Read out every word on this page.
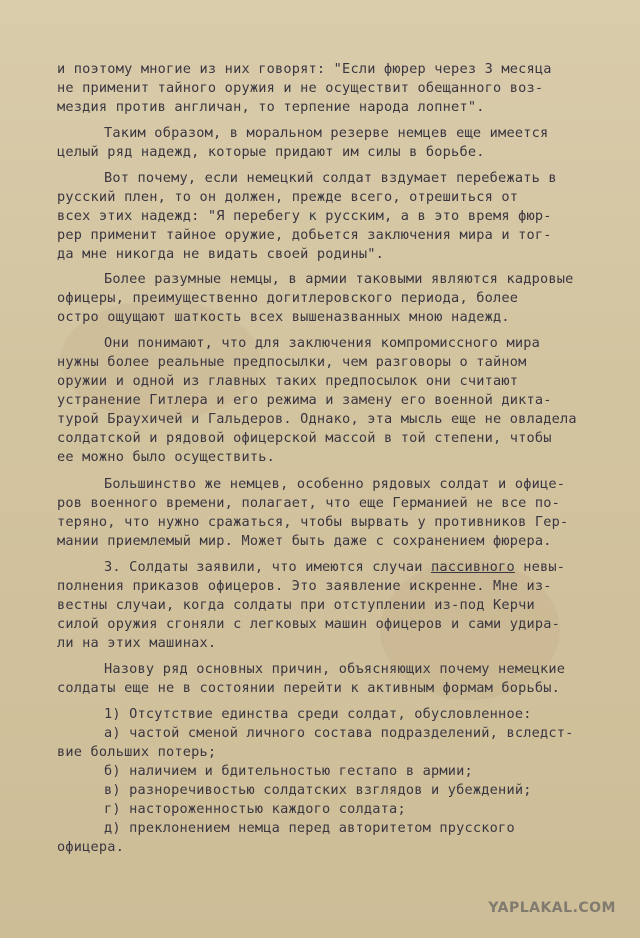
и поэтому многие из них говорят: "Если фюрер через 3 месяца
не применит тайного оружия и не осуществит обещанного воз-
мездия против англичан, то терпение народа лопнет".
Таким образом, в моральном резерве немцев еще имеется
целый ряд надежд, которые придают им силы в борьбе.
Вот почему, если немецкий солдат вздумает перебежать в
русский плен, то он должен, прежде всего, отрешиться от
всех этих надежд: "Я перебегу к русским, а в это время фюр-
рер применит тайное оружие, добьется заключения мира и тог-
да мне никогда не видать своей родины".
Более разумные немцы, в армии таковыми являются кадровые
офицеры, преимущественно догитлеровского периода, более
остро ощущают шаткость всех вышеназванных мною надежд.
Они понимают, что для заключения компромиссного мира
нужны более реальные предпосылки, чем разговоры о тайном
оружии и одной из главных таких предпосылок они считают
устранение Гитлера и его режима и замену его военной дикта-
турой Браухичей и Гальдеров. Однако, эта мысль еще не овладела
солдатской и рядовой офицерской массой в той степени, чтобы
ее можно было осуществить.
Большинство же немцев, особенно рядовых солдат и офице-
ров военного времени, полагает, что еще Германией не все по-
теряно, что нужно сражаться, чтобы вырвать у противников Гер-
мании приемлемый мир. Может быть даже с сохранением фюрера.
3. Солдаты заявили, что имеются случаи пассивного невы-
полнения приказов офицеров. Это заявление искренне. Мне из-
вестны случаи, когда солдаты при отступлении из-под Керчи
силой оружия сгоняли с легковых машин офицеров и сами удира-
ли на этих машинах.
Назову ряд основных причин, объясняющих почему немецкие
солдаты еще не в состоянии перейти к активным формам борьбы.
1) Отсутствие единства среди солдат, обусловленное:
а) частой сменой личного состава подразделений, вследст-
вие больших потерь;
б) наличием и бдительностью гестапо в армии;
в) разноречивостью солдатских взглядов и убеждений;
г) настороженностью каждого солдата;
д) преклонением немца перед авторитетом прусского
офицера.
YAPLAKAL.COM
